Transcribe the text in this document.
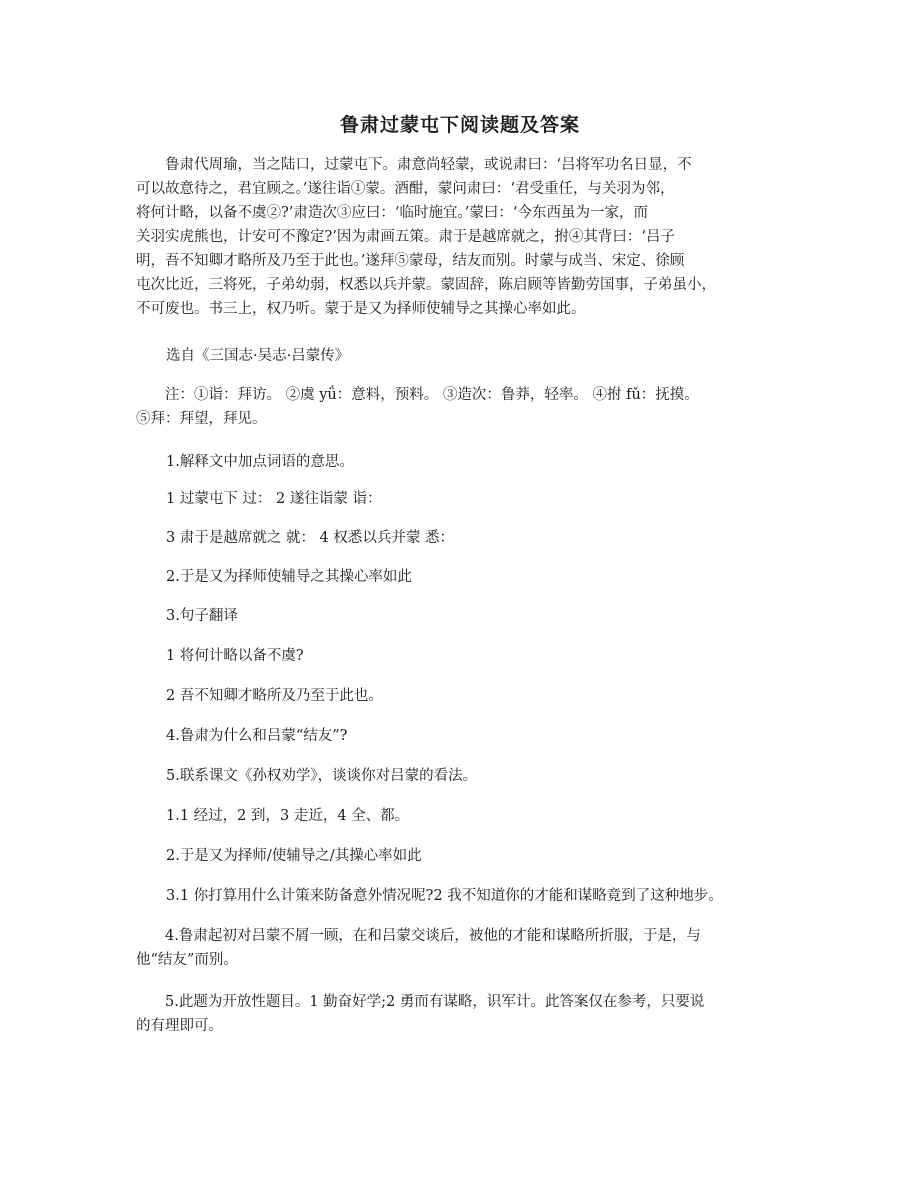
鲁肃过蒙屯下阅读题及答案
　　鲁肃代周瑜，当之陆口，过蒙屯下。肃意尚轻蒙，或说肃曰：‘吕将军功名日显，不
可以故意待之，君宜顾之。’遂往诣①蒙。酒酣，蒙问肃曰：‘君受重任，与关羽为邻，
将何计略，以备不虞②?’肃造次③应曰：‘临时施宜。’蒙曰：‘今东西虽为一家，而
关羽实虎熊也，计安可不豫定?’因为肃画五策。肃于是越席就之，拊④其背曰：‘吕子
明，吾不知卿才略所及乃至于此也。’遂拜⑤蒙母，结友而别。时蒙与成当、宋定、徐顾
屯次比近，三将死，子弟幼弱，权悉以兵并蒙。蒙固辞，陈启顾等皆勤劳国事，子弟虽小，
不可废也。书三上，权乃听。蒙于是又为择师使辅导之其操心率如此。

选自《三国志·吴志·吕蒙传》

　　注：①诣：拜访。 ②虞 yǘ：意料，预料。 ③造次：鲁莽，轻率。 ④拊 fǔ：抚摸。
⑤拜：拜望，拜见。

1.解释文中加点词语的意思。

1 过蒙屯下 过： 2 遂往诣蒙 诣：

3 肃于是越席就之 就： 4 权悉以兵并蒙 悉：

2.于是又为择师使辅导之其操心率如此

3.句子翻译

1 将何计略以备不虞?

2 吾不知卿才略所及乃至于此也。

4.鲁肃为什么和吕蒙“结友”?

5.联系课文《孙权劝学》，谈谈你对吕蒙的看法。

1.1 经过，2 到，3 走近，4 全、都。

2.于是又为择师/使辅导之/其操心率如此

3.1 你打算用什么计策来防备意外情况呢?2 我不知道你的才能和谋略竟到了这种地步。

　　4.鲁肃起初对吕蒙不屑一顾，在和吕蒙交谈后，被他的才能和谋略所折服，于是，与
他“结友”而别。
　　5.此题为开放性题目。1 勤奋好学;2 勇而有谋略，识军计。此答案仅在参考，只要说
的有理即可。
